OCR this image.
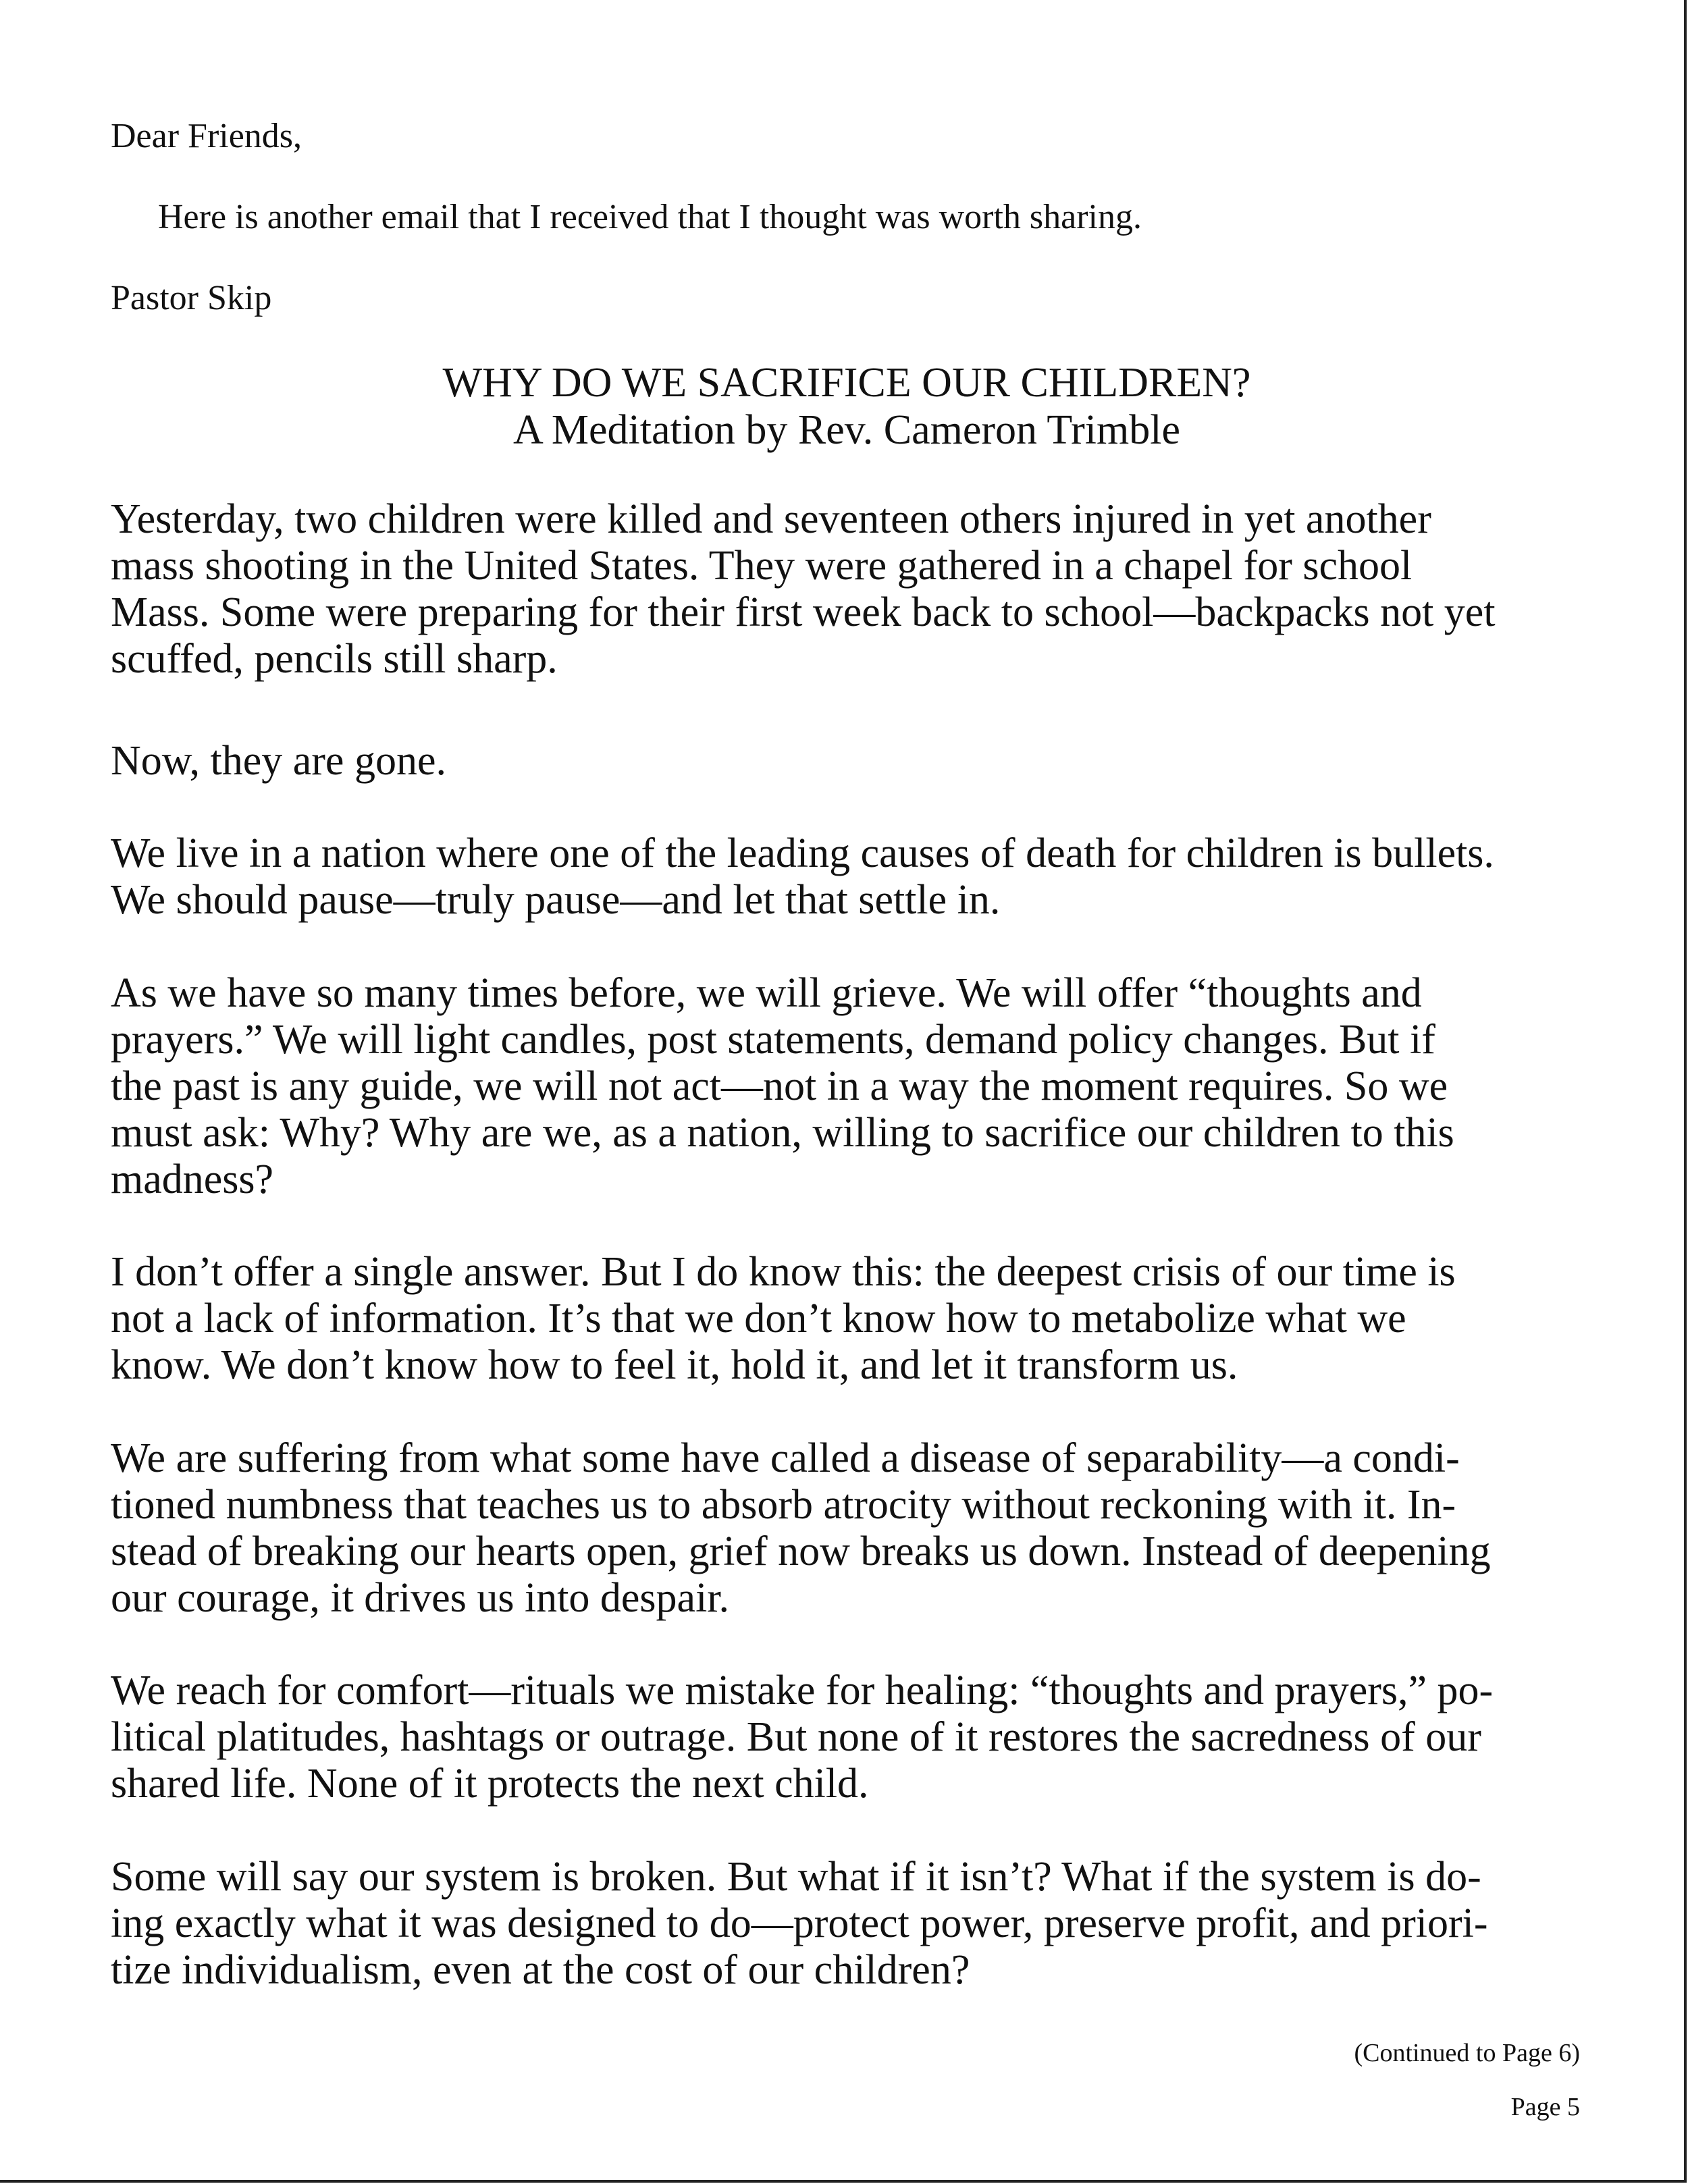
Dear Friends,

Here is another email that I received that I thought was worth sharing.

Pastor Skip

WHY DO WE SACRIFICE OUR CHILDREN?
A Meditation by Rev. Cameron Trimble

Yesterday, two children were killed and seventeen others injured in yet another
mass shooting in the United States. They were gathered in a chapel for school
Mass. Some were preparing for their first week back to school—backpacks not yet
scuffed, pencils still sharp.

Now, they are gone.

We live in a nation where one of the leading causes of death for children is bullets.
We should pause—truly pause—and let that settle in.

As we have so many times before, we will grieve. We will offer “thoughts and
prayers.” We will light candles, post statements, demand policy changes. But if
the past is any guide, we will not act—not in a way the moment requires. So we
must ask: Why? Why are we, as a nation, willing to sacrifice our children to this
madness?

I don’t offer a single answer. But I do know this: the deepest crisis of our time is
not a lack of information. It’s that we don’t know how to metabolize what we
know. We don’t know how to feel it, hold it, and let it transform us.

We are suffering from what some have called a disease of separability—a condi-
tioned numbness that teaches us to absorb atrocity without reckoning with it. In-
stead of breaking our hearts open, grief now breaks us down. Instead of deepening
our courage, it drives us into despair.

We reach for comfort—rituals we mistake for healing: “thoughts and prayers,” po-
litical platitudes, hashtags or outrage. But none of it restores the sacredness of our
shared life. None of it protects the next child.

Some will say our system is broken. But what if it isn’t? What if the system is do-
ing exactly what it was designed to do—protect power, preserve profit, and priori-
tize individualism, even at the cost of our children?

(Continued to Page 6)
Page 5
